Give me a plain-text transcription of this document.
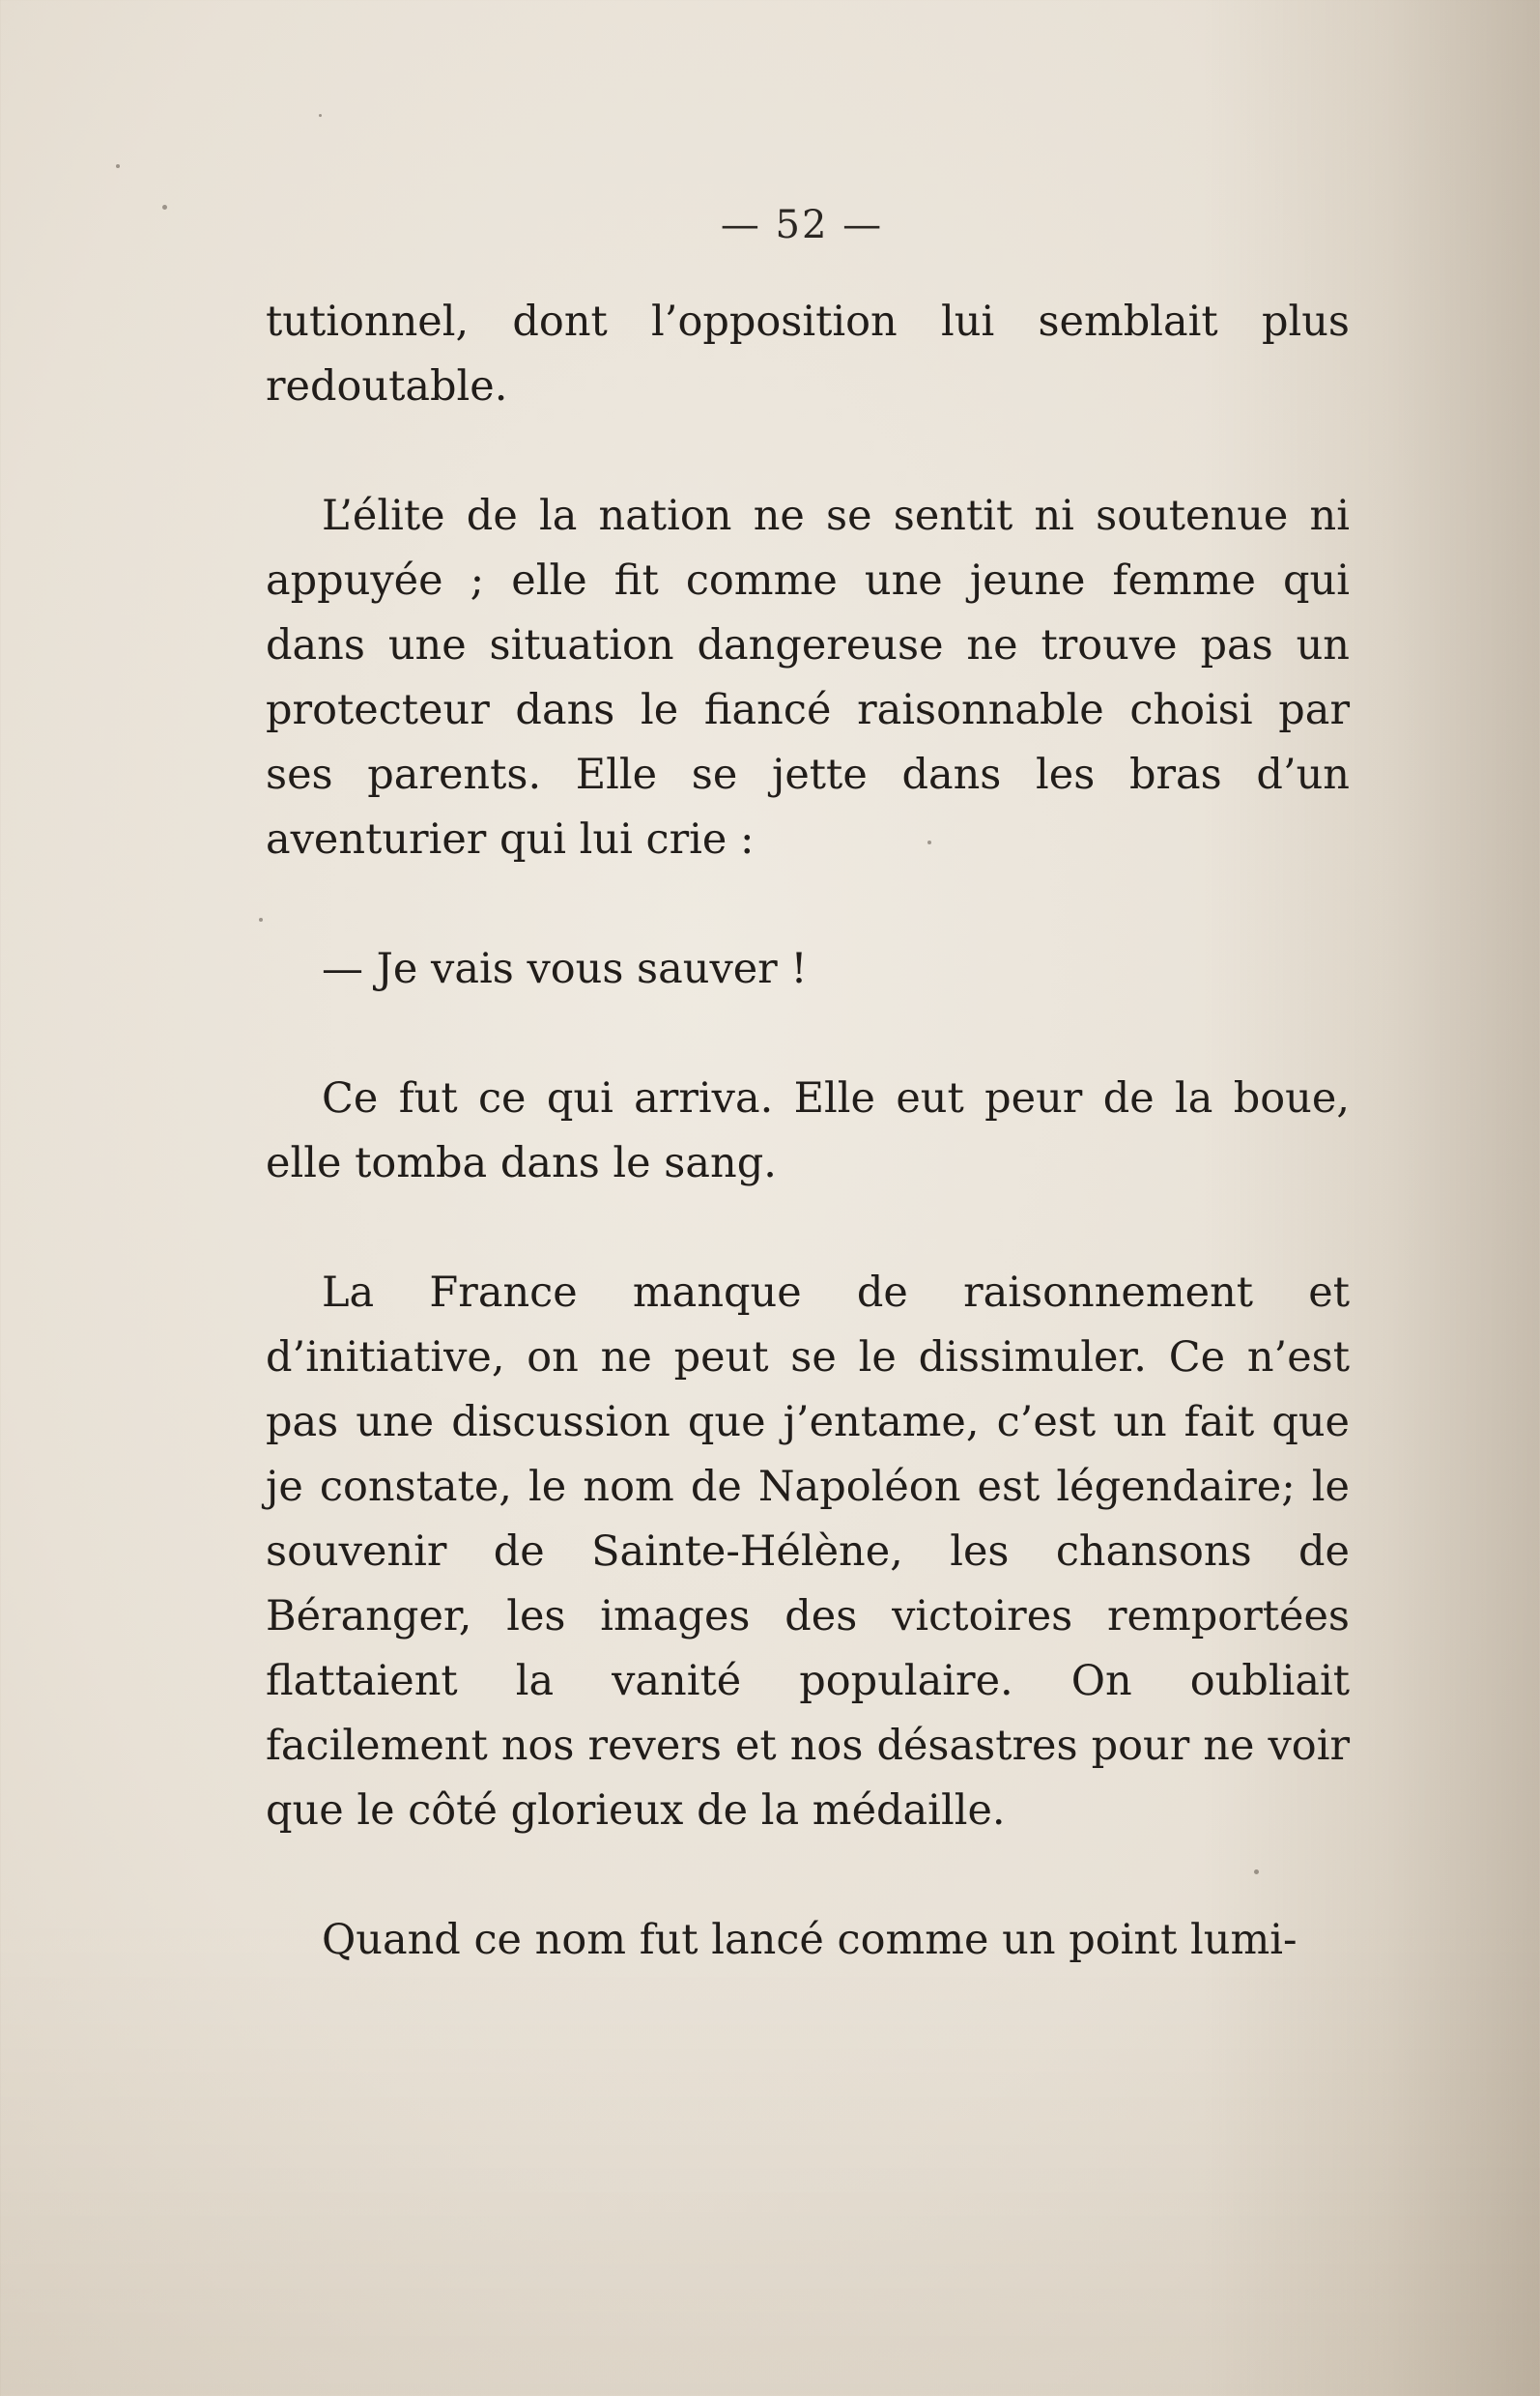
— 52 —

tutionnel, dont l’opposition lui semblait plus redoutable.

L’élite de la nation ne se sentit ni soutenue ni appuyée ; elle fit comme une jeune femme qui dans une situation dangereuse ne trouve pas un protecteur dans le fiancé raisonnable choisi par ses parents. Elle se jette dans les bras d’un aventurier qui lui crie :

— Je vais vous sauver !

Ce fut ce qui arriva. Elle eut peur de la boue, elle tomba dans le sang.

La France manque de raisonnement et d’initiative, on ne peut se le dissimuler. Ce n’est pas une discussion que j’entame, c’est un fait que je constate, le nom de Napoléon est légendaire; le souvenir de Sainte-Hélène, les chansons de Béranger, les images des victoires remportées flattaient la vanité populaire. On oubliait facilement nos revers et nos désastres pour ne voir que le côté glorieux de la médaille.

Quand ce nom fut lancé comme un point lumi-
